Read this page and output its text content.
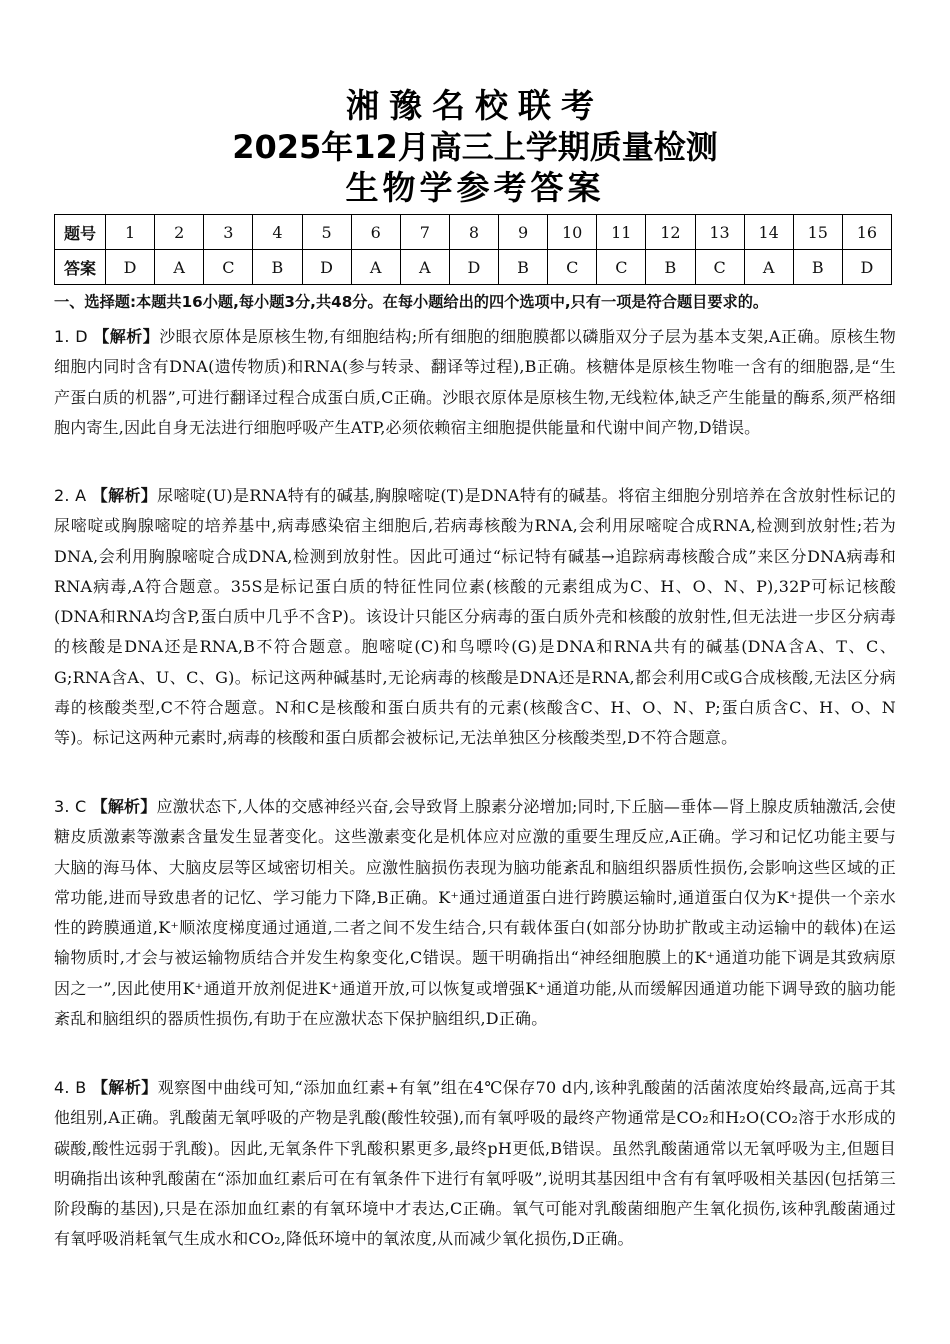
湘豫名校联考
2025年12月高三上学期质量检测
生物学参考答案
题号	1	2	3	4	5	6	7	8	9	10	11	12	13	14	15	16
答案	D	A	C	B	D	A	A	D	B	C	C	B	C	A	B	D
一、选择题:本题共16小题,每小题3分,共48分。在每小题给出的四个选项中,只有一项是符合题目要求的。
1. D 【解析】沙眼衣原体是原核生物,有细胞结构;所有细胞的细胞膜都以磷脂双分子层为基本支架,A正确。原核生物细胞内同时含有DNA(遗传物质)和RNA(参与转录、翻译等过程),B正确。核糖体是原核生物唯一含有的细胞器,是“生产蛋白质的机器”,可进行翻译过程合成蛋白质,C正确。沙眼衣原体是原核生物,无线粒体,缺乏产生能量的酶系,须严格细胞内寄生,因此自身无法进行细胞呼吸产生ATP,必须依赖宿主细胞提供能量和代谢中间产物,D错误。
2. A 【解析】尿嘧啶(U)是RNA特有的碱基,胸腺嘧啶(T)是DNA特有的碱基。将宿主细胞分别培养在含放射性标记的尿嘧啶或胸腺嘧啶的培养基中,病毒感染宿主细胞后,若病毒核酸为RNA,会利用尿嘧啶合成RNA,检测到放射性;若为DNA,会利用胸腺嘧啶合成DNA,检测到放射性。因此可通过“标记特有碱基→追踪病毒核酸合成”来区分DNA病毒和RNA病毒,A符合题意。35S是标记蛋白质的特征性同位素(核酸的元素组成为C、H、O、N、P),32P可标记核酸(DNA和RNA均含P,蛋白质中几乎不含P)。该设计只能区分病毒的蛋白质外壳和核酸的放射性,但无法进一步区分病毒的核酸是DNA还是RNA,B不符合题意。胞嘧啶(C)和鸟嘌呤(G)是DNA和RNA共有的碱基(DNA含A、T、C、G;RNA含A、U、C、G)。标记这两种碱基时,无论病毒的核酸是DNA还是RNA,都会利用C或G合成核酸,无法区分病毒的核酸类型,C不符合题意。N和C是核酸和蛋白质共有的元素(核酸含C、H、O、N、P;蛋白质含C、H、O、N等)。标记这两种元素时,病毒的核酸和蛋白质都会被标记,无法单独区分核酸类型,D不符合题意。
3. C 【解析】应激状态下,人体的交感神经兴奋,会导致肾上腺素分泌增加;同时,下丘脑—垂体—肾上腺皮质轴激活,会使糖皮质激素等激素含量发生显著变化。这些激素变化是机体应对应激的重要生理反应,A正确。学习和记忆功能主要与大脑的海马体、大脑皮层等区域密切相关。应激性脑损伤表现为脑功能紊乱和脑组织器质性损伤,会影响这些区域的正常功能,进而导致患者的记忆、学习能力下降,B正确。K⁺通过通道蛋白进行跨膜运输时,通道蛋白仅为K⁺提供一个亲水性的跨膜通道,K⁺顺浓度梯度通过通道,二者之间不发生结合,只有载体蛋白(如部分协助扩散或主动运输中的载体)在运输物质时,才会与被运输物质结合并发生构象变化,C错误。题干明确指出“神经细胞膜上的K⁺通道功能下调是其致病原因之一”,因此使用K⁺通道开放剂促进K⁺通道开放,可以恢复或增强K⁺通道功能,从而缓解因通道功能下调导致的脑功能紊乱和脑组织的器质性损伤,有助于在应激状态下保护脑组织,D正确。
4. B 【解析】观察图中曲线可知,“添加血红素+有氧”组在4℃保存70 d内,该种乳酸菌的活菌浓度始终最高,远高于其他组别,A正确。乳酸菌无氧呼吸的产物是乳酸(酸性较强),而有氧呼吸的最终产物通常是CO₂和H₂O(CO₂溶于水形成的碳酸,酸性远弱于乳酸)。因此,无氧条件下乳酸积累更多,最终pH更低,B错误。虽然乳酸菌通常以无氧呼吸为主,但题目明确指出该种乳酸菌在“添加血红素后可在有氧条件下进行有氧呼吸”,说明其基因组中含有有氧呼吸相关基因(包括第三阶段酶的基因),只是在添加血红素的有氧环境中才表达,C正确。氧气可能对乳酸菌细胞产生氧化损伤,该种乳酸菌通过有氧呼吸消耗氧气生成水和CO₂,降低环境中的氧浓度,从而减少氧化损伤,D正确。
